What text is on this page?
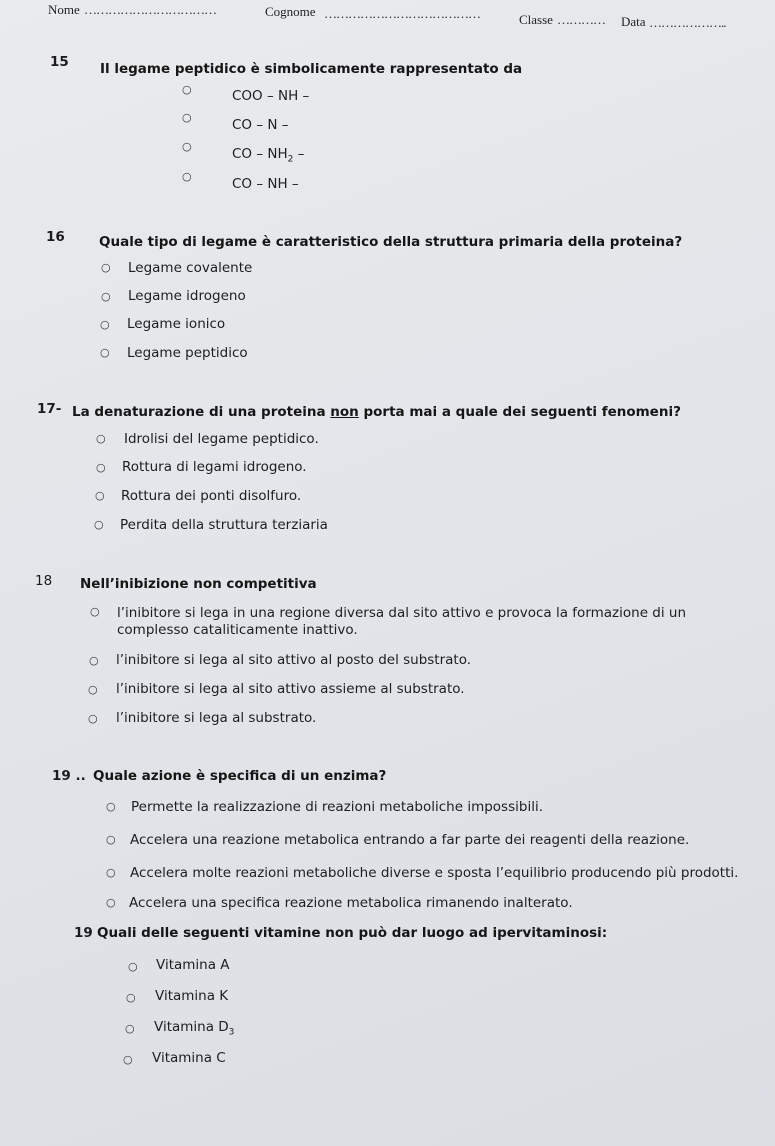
Nome ……………………………	Cognome …………………………………	Classe ………… Data ………………..
15 Il legame peptidico è simbolicamente rappresentato da
○	COO – NH –
○	CO – N –
○	CO – $NH_2$ –
○	CO – NH –
16	Quale tipo di legame è caratteristico della struttura primaria della proteina?
○ Legame covalente
○ Legame idrogeno
○ Legame ionico
○ Legame peptidico
17- La denaturazione di una proteina non porta mai a quale dei seguenti fenomeni?
○ Idrolisi del legame peptidico.
○ Rottura di legami idrogeno.
○ Rottura dei ponti disolfuro.
○ Perdita della struttura terziaria
18 Nell’inibizione non competitiva
○ l’inibitore si lega in una regione diversa dal sito attivo e provoca la formazione di un
complesso cataliticamente inattivo.
○ l’inibitore si lega al sito attivo al posto del substrato.
○ l’inibitore si lega al sito attivo assieme al substrato.
○ l’inibitore si lega al substrato.
19 .. Quale azione è specifica di un enzima?
○ Permette la realizzazione di reazioni metaboliche impossibili.
○ Accelera una reazione metabolica entrando a far parte dei reagenti della reazione.
○ Accelera molte reazioni metaboliche diverse e sposta l’equilibrio producendo più prodotti.
○ Accelera una specifica reazione metabolica rimanendo inalterato.
19 Quali delle seguenti vitamine non può dar luogo ad ipervitaminosi:
○ Vitamina A
○ Vitamina K
○ Vitamina $D_3$
○ Vitamina C
